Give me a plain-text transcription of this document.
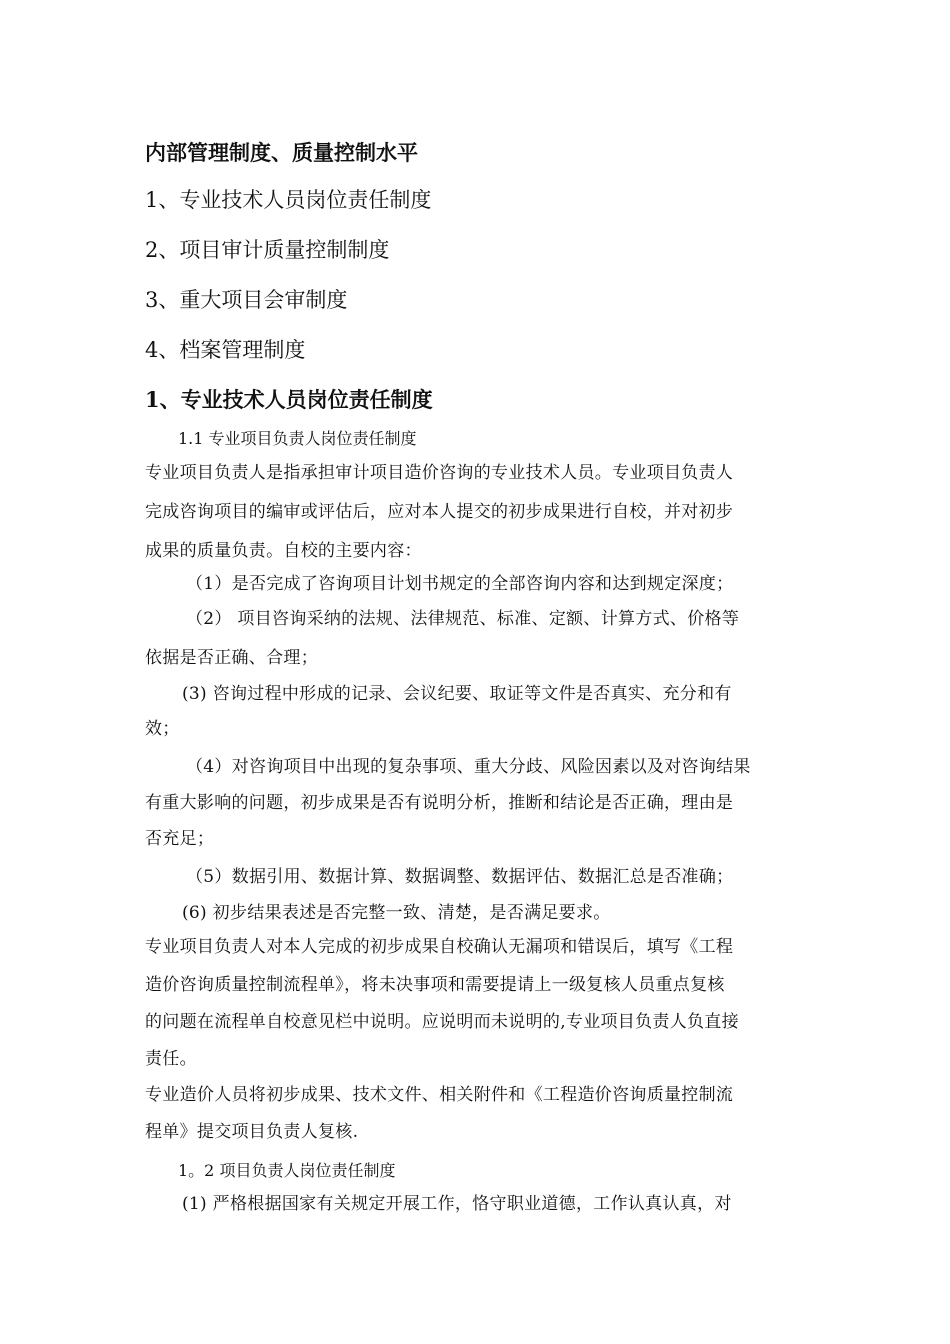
内部管理制度、质量控制水平
1、专业技术人员岗位责任制度
2、项目审计质量控制制度
3、重大项目会审制度
4、档案管理制度
1、专业技术人员岗位责任制度
1.1 专业项目负责人岗位责任制度
专业项目负责人是指承担审计项目造价咨询的专业技术人员。专业项目负责人
完成咨询项目的编审或评估后，应对本人提交的初步成果进行自校，并对初步
成果的质量负责。自校的主要内容：
（1）是否完成了咨询项目计划书规定的全部咨询内容和达到规定深度；
（2） 项目咨询采纳的法规、法律规范、标准、定额、计算方式、价格等
依据是否正确、合理；
(3) 咨询过程中形成的记录、会议纪要、取证等文件是否真实、充分和有
效；
（4）对咨询项目中出现的复杂事项、重大分歧、风险因素以及对咨询结果
有重大影响的问题，初步成果是否有说明分析，推断和结论是否正确，理由是
否充足；
（5）数据引用、数据计算、数据调整、数据评估、数据汇总是否准确；
(6) 初步结果表述是否完整一致、清楚，是否满足要求。
专业项目负责人对本人完成的初步成果自校确认无漏项和错误后，填写《工程
造价咨询质量控制流程单》，将未决事项和需要提请上一级复核人员重点复核
的问题在流程单自校意见栏中说明。应说明而未说明的,专业项目负责人负直接
责任。
专业造价人员将初步成果、技术文件、相关附件和《工程造价咨询质量控制流
程单》提交项目负责人复核.
1。2 项目负责人岗位责任制度
(1) 严格根据国家有关规定开展工作，恪守职业道德，工作认真认真，对
